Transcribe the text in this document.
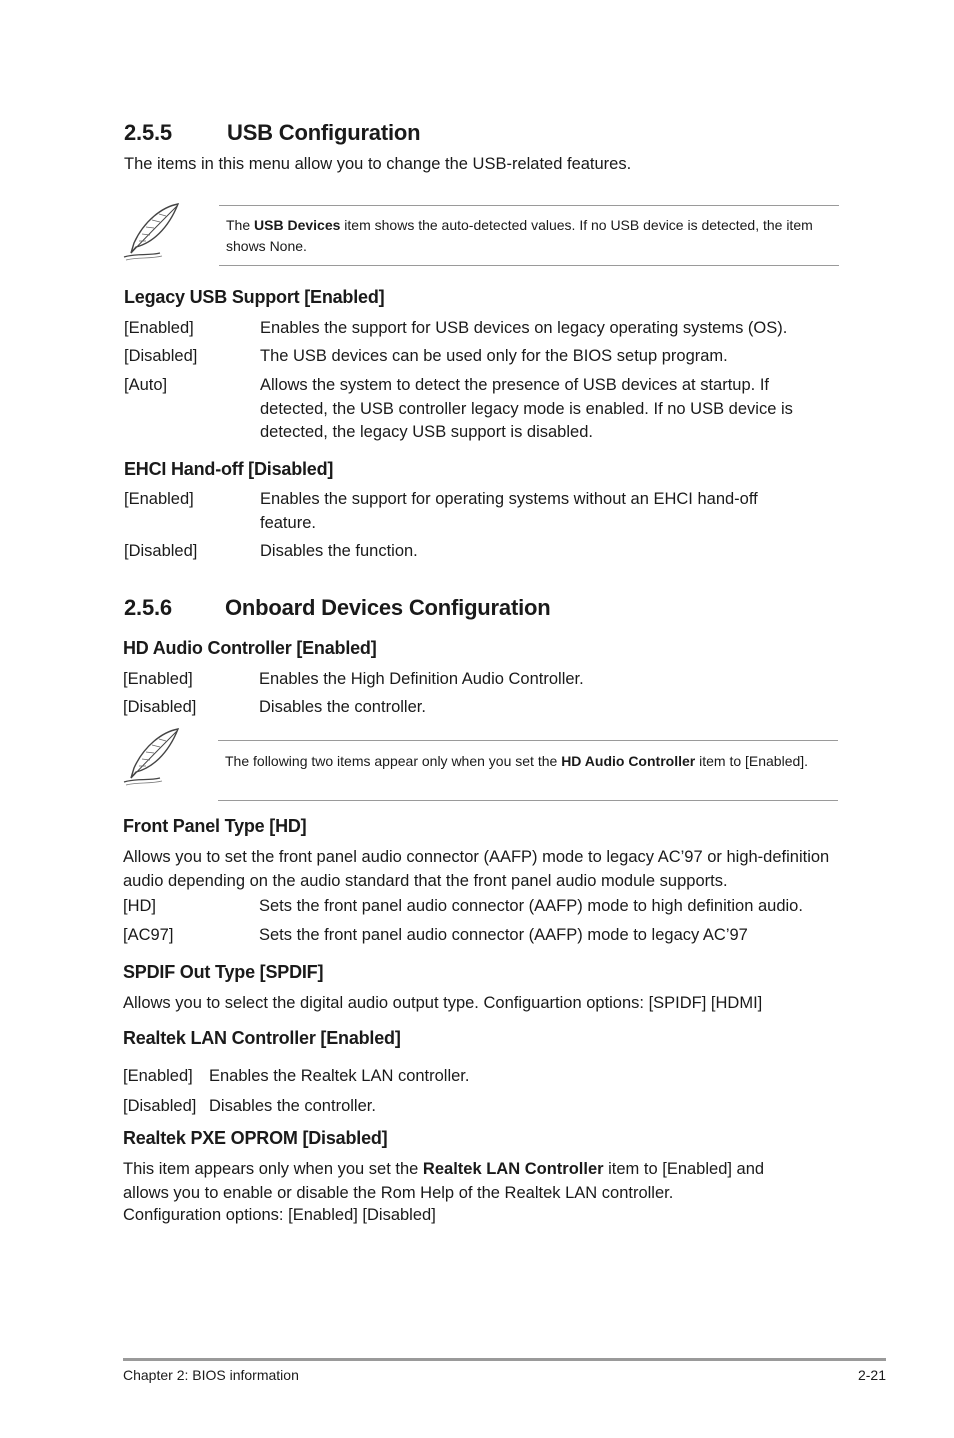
2.5.5	USB Configuration
The items in this menu allow you to change the USB-related features.
The USB Devices item shows the auto-detected values. If no USB device is detected, the item shows None.
Legacy USB Support [Enabled]
[Enabled]	Enables the support for USB devices on legacy operating systems (OS).
[Disabled]	The USB devices can be used only for the BIOS setup program.
[Auto]	Allows the system to detect the presence of USB devices at startup. If detected, the USB controller legacy mode is enabled. If no USB device is detected, the legacy USB support is disabled.
EHCI Hand-off [Disabled]
[Enabled]	Enables the support for operating systems without an EHCI hand-off feature.
[Disabled]	Disables the function.
2.5.6 Onboard Devices Configuration
HD Audio Controller [Enabled]
[Enabled]	Enables the High Definition Audio Controller.
[Disabled]	Disables the controller.
The following two items appear only when you set the HD Audio Controller item to [Enabled].
Front Panel Type [HD]
Allows you to set the front panel audio connector (AAFP) mode to legacy AC’97 or high-definition audio depending on the audio standard that the front panel audio module supports.
[HD]	Sets the front panel audio connector (AAFP) mode to high definition audio.
[AC97]	Sets the front panel audio connector (AAFP) mode to legacy AC’97
SPDIF Out Type [SPDIF]
Allows you to select the digital audio output type. Configuartion options: [SPIDF] [HDMI]
Realtek LAN Controller [Enabled]
[Enabled] Enables the Realtek LAN controller.
[Disabled] Disables the controller.
Realtek PXE OPROM [Disabled]
This item appears only when you set the Realtek LAN Controller item to [Enabled] and allows you to enable or disable the Rom Help of the Realtek LAN controller.
Configuration options: [Enabled] [Disabled]
Chapter 2: BIOS information	2-21
